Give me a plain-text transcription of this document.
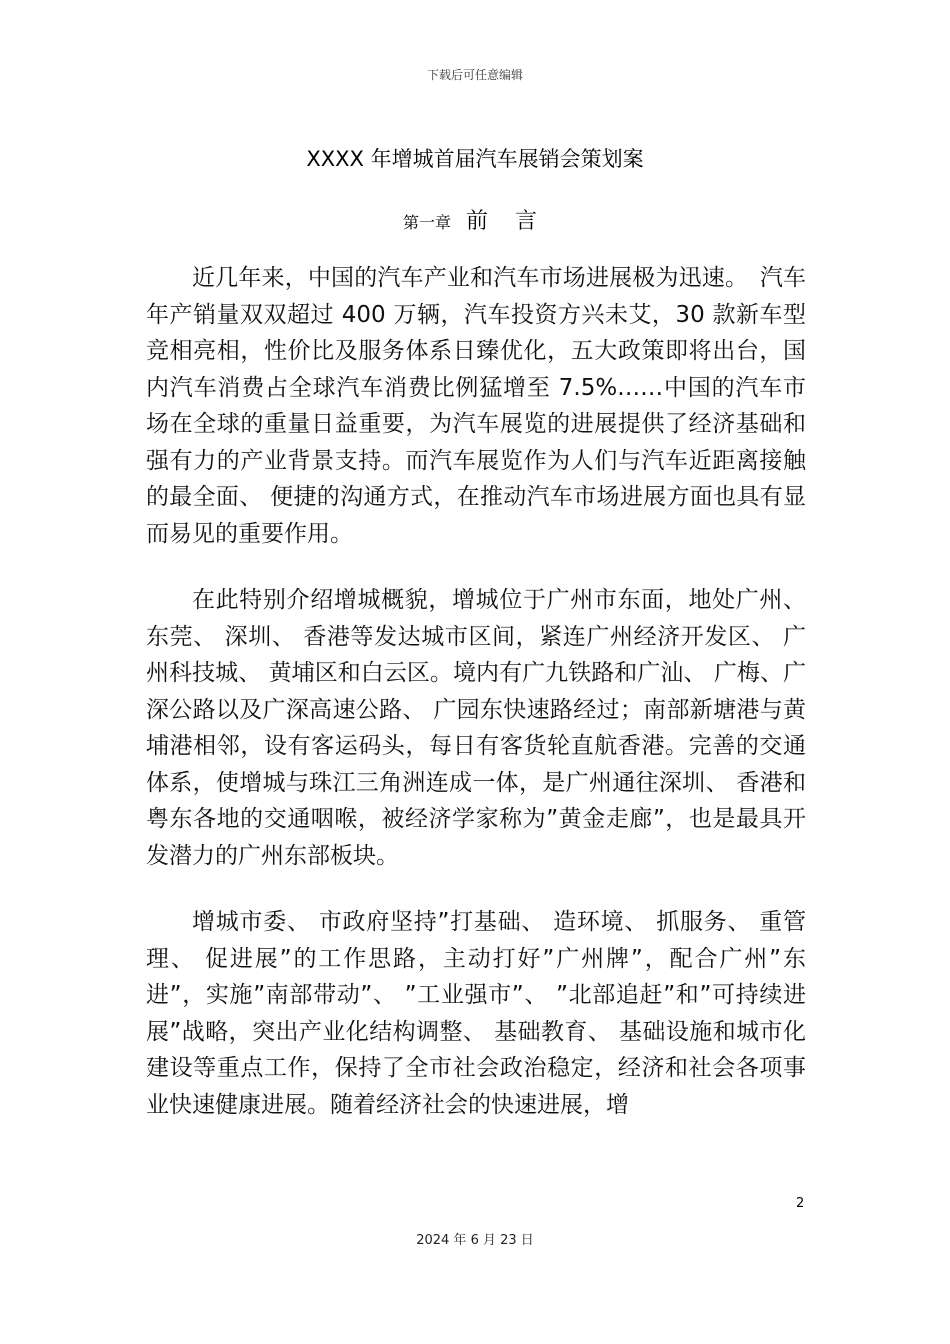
下载后可任意编辑
XXXX 年增城首届汽车展销会策划案
第一章 前 言

近几年来，中国的汽车产业和汽车市场进展极为迅速。　汽车年产销量双双超过 400 万辆，汽车投资方兴未艾，30 款新车型竞相亮相，性价比及服务体系日臻优化，五大政策即将出台，国内汽车消费占全球汽车消费比例猛增至 7.5%……中国的汽车市场在全球的重量日益重要，为汽车展览的进展提供了经济基础和强有力的产业背景支持。而汽车展览作为人们与汽车近距离接触的最全面、 便捷的沟通方式，在推动汽车市场进展方面也具有显而易见的重要作用。

在此特别介绍增城概貌，增城位于广州市东面，地处广州、东莞、 深圳、 香港等发达城市区间，紧连广州经济开发区、 广州科技城、 黄埔区和白云区。境内有广九铁路和广汕、 广梅、广深公路以及广深高速公路、 广园东快速路经过；南部新塘港与黄埔港相邻，设有客运码头，每日有客货轮直航香港。完善的交通体系，使增城与珠江三角洲连成一体，是广州通往深圳、 香港和粤东各地的交通咽喉，被经济学家称为”黄金走廊”，也是最具开发潜力的广州东部板块。

增城市委、 市政府坚持”打基础、 造环境、 抓服务、 重管理、 促进展”的工作思路，主动打好”广州牌”，配合广州”东进”，实施”南部带动”、 ”工业强市”、 ”北部追赶”和”可持续进展”战略，突出产业化结构调整、 基础教育、 基础设施和城市化建设等重点工作，保持了全市社会政治稳定，经济和社会各项事业快速健康进展。随着经济社会的快速进展，增

2
2024 年 6 月 23 日
